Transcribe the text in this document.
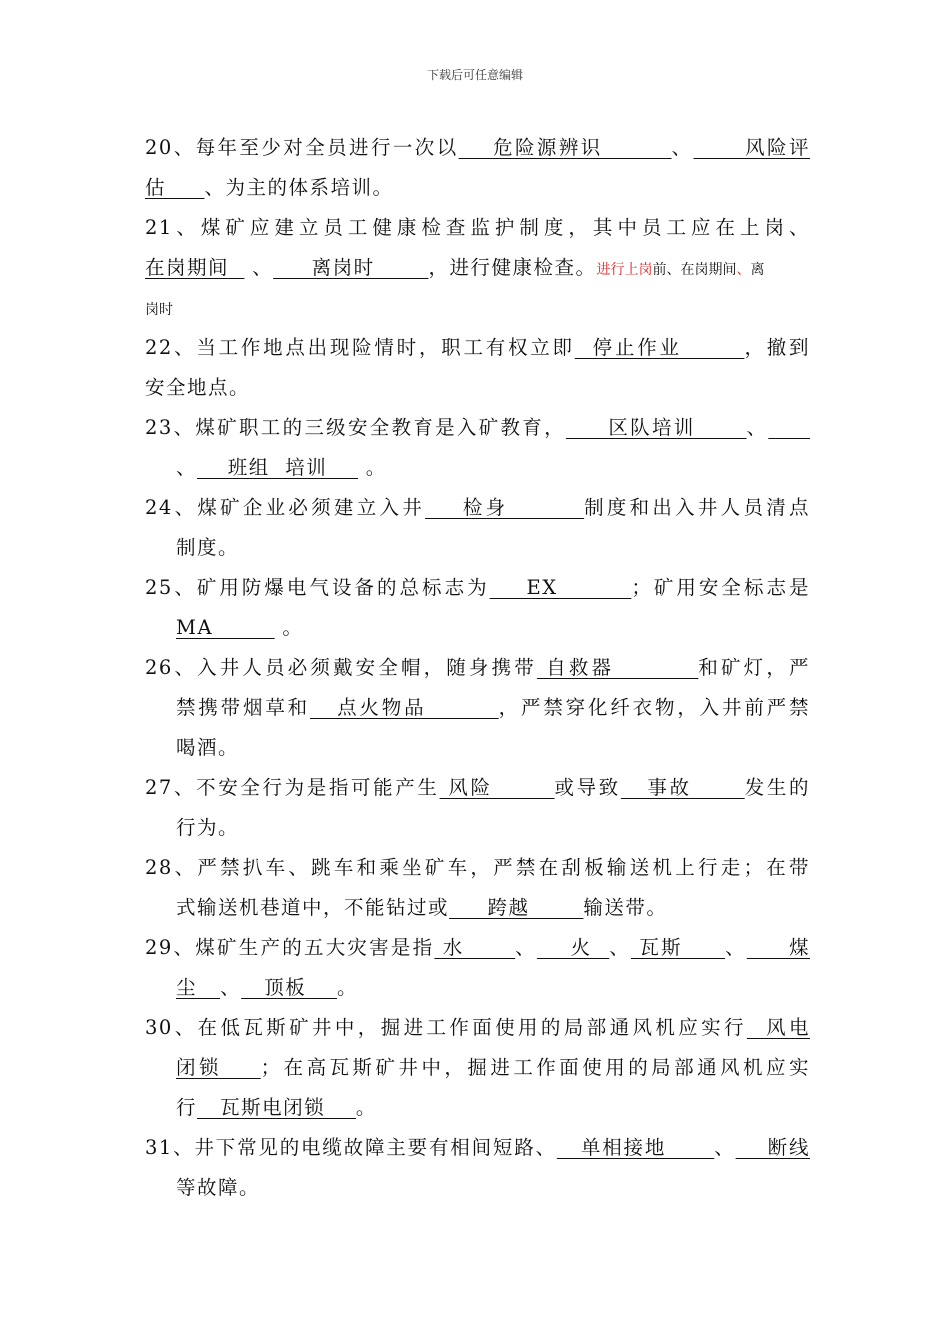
下载后可任意编辑
20、每年至少对全员进行一次以    危险源辨识        、      风险评
估     、为主的体系培训。
21、煤矿应建立员工健康检查监护制度，其中员工应在上岗、
在岗期间   、     离岗时       ，进行健康检查。进行上岗前、在岗期间、离
岗时
22、当工作地点出现险情时，职工有权立即  停止作业       ，撤到
安全地点。
23、煤矿职工的三级安全教育是入矿教育，     区队培训      、
、    班组  培训     。
24、煤矿企业必须建立入井    检身        制度和出入井人员清点
制度。
25、矿用防爆电气设备的总标志为    EX        ；矿用安全标志是
MA         。
26、入井人员必须戴安全帽，随身携带 自救器         和矿灯，严
禁携带烟草和   点火物品        ，严禁穿化纤衣物，入井前严禁
喝酒。
27、不安全行为是指可能产生 风险       或导致   事故      发生的
行为。
28、严禁扒车、跳车和乘坐矿车，严禁在刮板输送机上行走；在带
式输送机巷道中，不能钻过或     跨越       输送带。
29、煤矿生产的五大灾害是指 水      、    火  、 瓦斯     、     煤
尘   、   顶板    。
30、在低瓦斯矿井中，掘进工作面使用的局部通风机应实行  风电
闭锁    ；在高瓦斯矿井中，掘进工作面使用的局部通风机应实
行   瓦斯电闭锁    。
31、井下常见的电缆故障主要有相间短路、   单相接地      、    断线
等故障。
